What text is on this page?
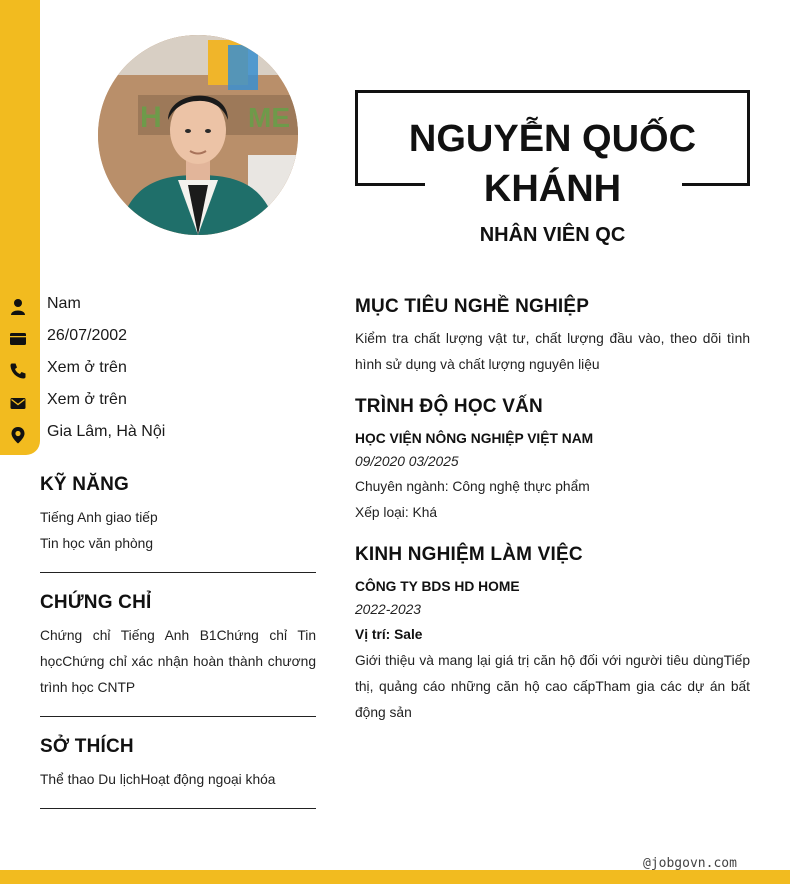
H	ME
Nam
26/07/2002
Xem ở trên
Xem ở trên
Gia Lâm, Hà Nội
KỸ NĂNG
Tiếng Anh giao tiếp
Tin học văn phòng
CHỨNG CHỈ
Chứng chỉ Tiếng Anh B1Chứng chỉ Tin họcChứng chỉ xác nhận hoàn thành chương trình học CNTP
SỞ THÍCH
Thể thao Du lịchHoạt động ngoại khóa
NGUYỄN QUỐC KHÁNH
NHÂN VIÊN QC
MỤC TIÊU NGHỀ NGHIỆP
Kiểm tra chất lượng vật tư, chất lượng đầu vào, theo dõi tình hình sử dụng và chất lượng nguyên liệu
TRÌNH ĐỘ HỌC VẤN
HỌC VIỆN NÔNG NGHIỆP VIỆT NAM
09/2020 03/2025
Chuyên ngành: Công nghệ thực phẩm
Xếp loại: Khá
KINH NGHIỆM LÀM VIỆC
CÔNG TY BDS HD HOME
2022-2023
Vị trí: Sale
Giới thiệu và mang lại giá trị căn hộ đối với người tiêu dùngTiếp thị, quảng cáo những căn hộ cao cấpTham gia các dự án bất động sản
@jobgovn.com
